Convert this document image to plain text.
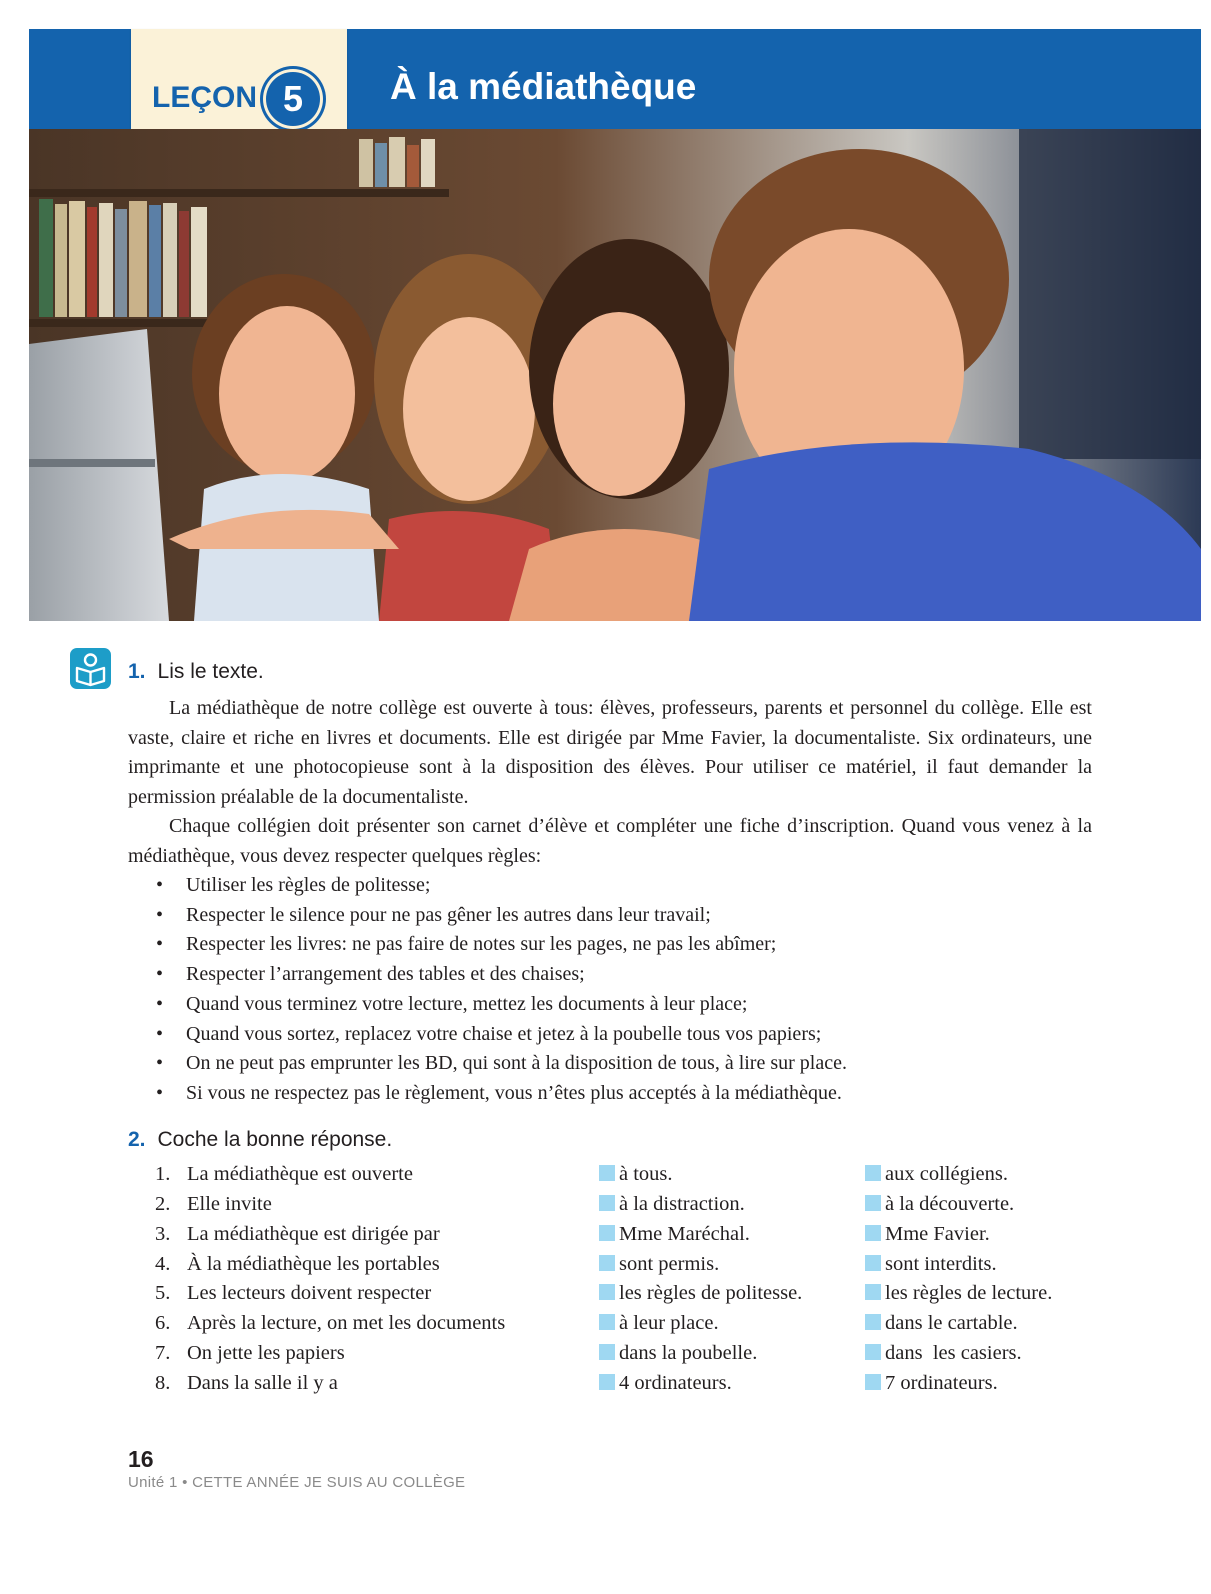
LEÇON 5	À la médiathèque
1. Lis le texte.

La médiathèque de notre collège est ouverte à tous: élèves, professeurs, parents et personnel du collège. Elle est vaste, claire et riche en livres et documents. Elle est dirigée par Mme Favier, la documentaliste. Six ordinateurs, une imprimante et une photocopieuse sont à la disposition des élèves. Pour utiliser ce matériel, il faut demander la permission préalable de la documentaliste.

Chaque collégien doit présenter son carnet d’élève et compléter une fiche d’inscription. Quand vous venez à la médiathèque, vous devez respecter quelques règles:

• Utiliser les règles de politesse;
• Respecter le silence pour ne pas gêner les autres dans leur travail;
• Respecter les livres: ne pas faire de notes sur les pages, ne pas les abîmer;
• Respecter l’arrangement des tables et des chaises;
• Quand vous terminez votre lecture, mettez les documents à leur place;
• Quand vous sortez, replacez votre chaise et jetez à la poubelle tous vos papiers;
• On ne peut pas emprunter les BD, qui sont à la disposition de tous, à lire sur place.
• Si vous ne respectez pas le règlement, vous n’êtes plus acceptés à la médiathèque.
2. Coche la bonne réponse.
1. La médiathèque est ouverte	à tous.	aux collégiens.
2. Elle invite	à la distraction.	à la découverte.
3. La médiathèque est dirigée par	Mme Maréchal.	Mme Favier.
4. À la médiathèque les portables	sont permis.	sont interdits.
5. Les lecteurs doivent respecter	les règles de politesse.	les règles de lecture.
6. Après la lecture, on met les documents	à leur place.	dans le cartable.
7. On jette les papiers	dans la poubelle.	dans  les casiers.
8. Dans la salle il y a	4 ordinateurs.	7 ordinateurs.
16
Unité 1 • CETTE ANNÉE JE SUIS AU COLLÈGE
